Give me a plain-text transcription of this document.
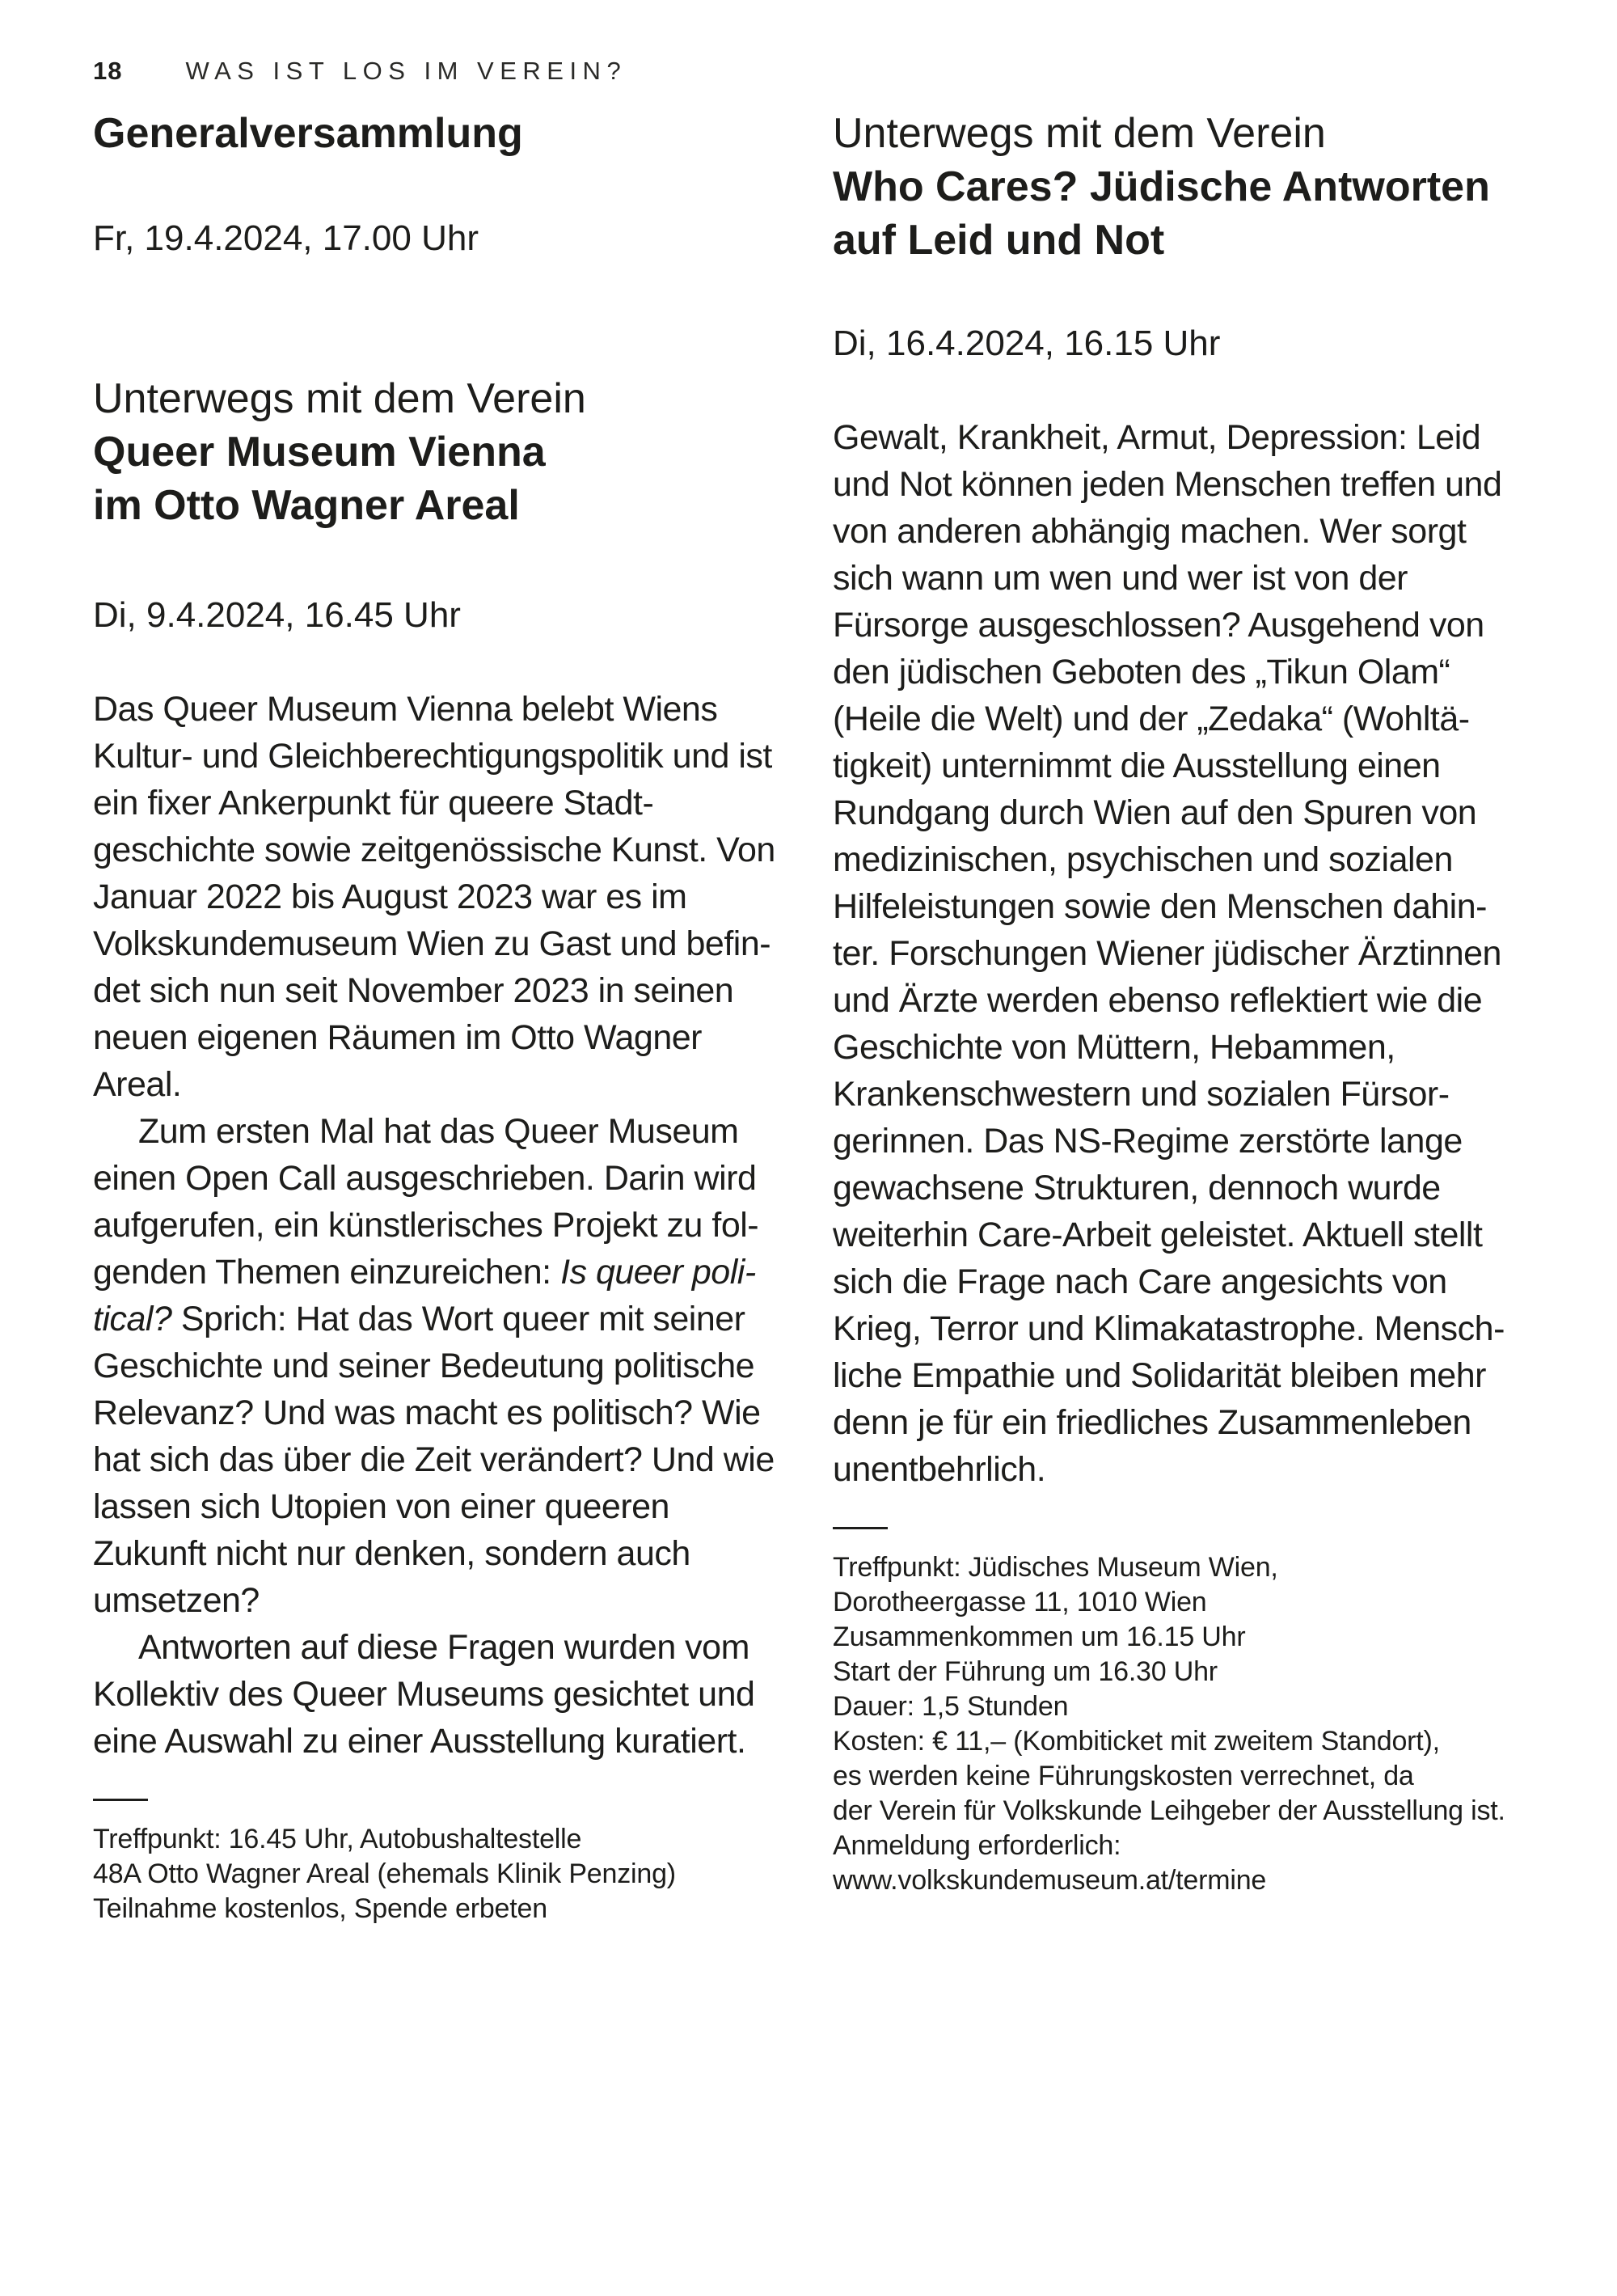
18	WAS IST LOS IM VEREIN?
Generalversammlung

Fr, 19.4.2024, 17.00 Uhr

Unterwegs mit dem Verein
Queer Museum Vienna
im Otto Wagner Areal

Di, 9.4.2024, 16.45 Uhr

Das Queer Museum Vienna belebt Wiens Kultur- und Gleichberechtigungspolitik und ist ein fixer Ankerpunkt für queere Stadtgeschichte sowie zeitgenössische Kunst. Von Januar 2022 bis August 2023 war es im Volkskundemuseum Wien zu Gast und befindet sich nun seit November 2023 in seinen neuen eigenen Räumen im Otto Wagner Areal.

Zum ersten Mal hat das Queer Museum einen Open Call ausgeschrieben. Darin wird aufgerufen, ein künstlerisches Projekt zu folgenden Themen einzureichen: Is queer political? Sprich: Hat das Wort queer mit seiner Geschichte und seiner Bedeutung politische Relevanz? Und was macht es politisch? Wie hat sich das über die Zeit verändert? Und wie lassen sich Utopien von einer queeren Zukunft nicht nur denken, sondern auch umsetzen?

Antworten auf diese Fragen wurden vom Kollektiv des Queer Museums gesichtet und eine Auswahl zu einer Ausstellung kuratiert.

Treffpunkt: 16.45 Uhr, Autobushaltestelle

48A Otto Wagner Areal (ehemals Klinik Penzing)

Teilnahme kostenlos, Spende erbeten

Unterwegs mit dem Verein
Who Cares? Jüdische Antworten
auf Leid und Not

Di, 16.4.2024, 16.15 Uhr

Gewalt, Krankheit, Armut, Depression: Leid und Not können jeden Menschen treffen und von anderen abhängig machen. Wer sorgt sich wann um wen und wer ist von der Fürsorge ausgeschlossen? Ausgehend von den jüdischen Geboten des „Tikun Olam“ (Heile die Welt) und der „Zedaka“ (Wohltätigkeit) unternimmt die Ausstellung einen Rundgang durch Wien auf den Spuren von medizinischen, psychischen und sozialen Hilfeleistungen sowie den Menschen dahinter. Forschungen Wiener jüdischer Ärztinnen und Ärzte werden ebenso reflektiert wie die Geschichte von Müttern, Hebammen, Krankenschwestern und sozialen Fürsorgerinnen. Das NS-Regime zerstörte lange gewachsene Strukturen, dennoch wurde weiterhin Care-Arbeit geleistet. Aktuell stellt sich die Frage nach Care angesichts von Krieg, Terror und Klimakatastrophe. Menschliche Empathie und Solidarität bleiben mehr denn je für ein friedliches Zusammenleben unentbehrlich.

Treffpunkt: Jüdisches Museum Wien,

Dorotheergasse 11, 1010 Wien

Zusammenkommen um 16.15 Uhr

Start der Führung um 16.30 Uhr

Dauer: 1,5 Stunden

Kosten: € 11,– (Kombiticket mit zweitem Standort),

es werden keine Führungskosten verrechnet, da

der Verein für Volkskunde Leihgeber der Ausstellung ist.

Anmeldung erforderlich:

www.volkskundemuseum.at/termine
